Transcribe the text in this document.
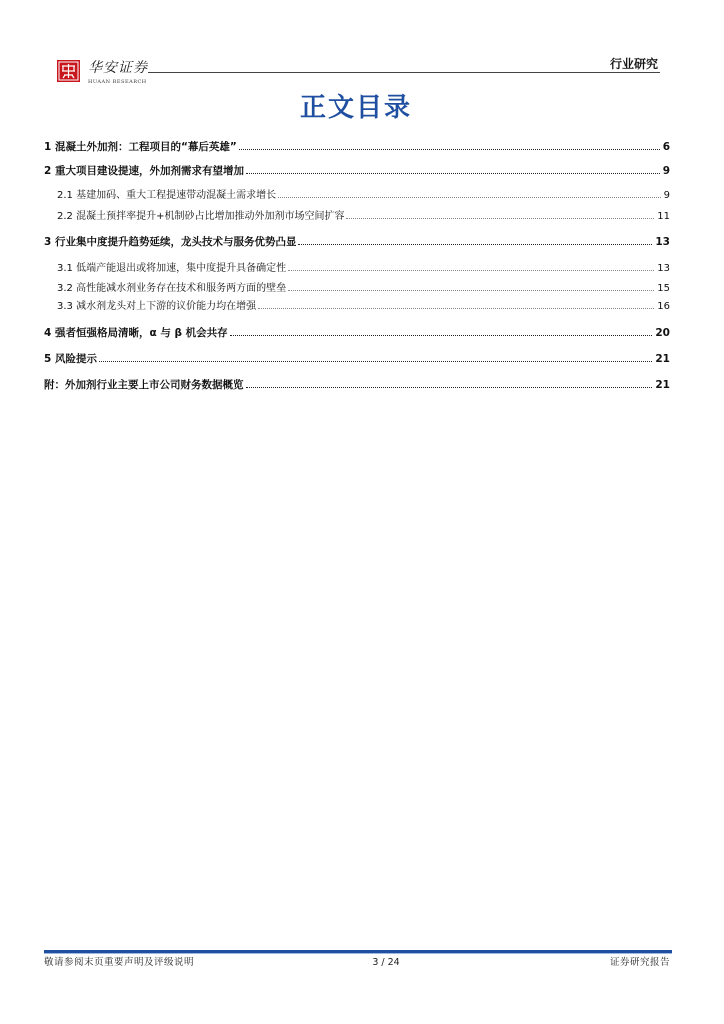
华安证券
HUAAN RESEARCH
行业研究
正文目录
1 混凝土外加剂：工程项目的“幕后英雄”	6
2 重大项目建设提速，外加剂需求有望增加	9
2.1 基建加码、重大工程提速带动混凝土需求增长	9
2.2 混凝土预拌率提升+机制砂占比增加推动外加剂市场空间扩容	11
3 行业集中度提升趋势延续，龙头技术与服务优势凸显	13
3.1 低端产能退出或将加速，集中度提升具备确定性	13
3.2 高性能减水剂业务存在技术和服务两方面的壁垒	15
3.3 减水剂龙头对上下游的议价能力均在增强	16
4 强者恒强格局清晰，α 与 β 机会共存	20
5 风险提示	21
附：外加剂行业主要上市公司财务数据概览	21
敬请参阅末页重要声明及评级说明	3 / 24	证券研究报告
